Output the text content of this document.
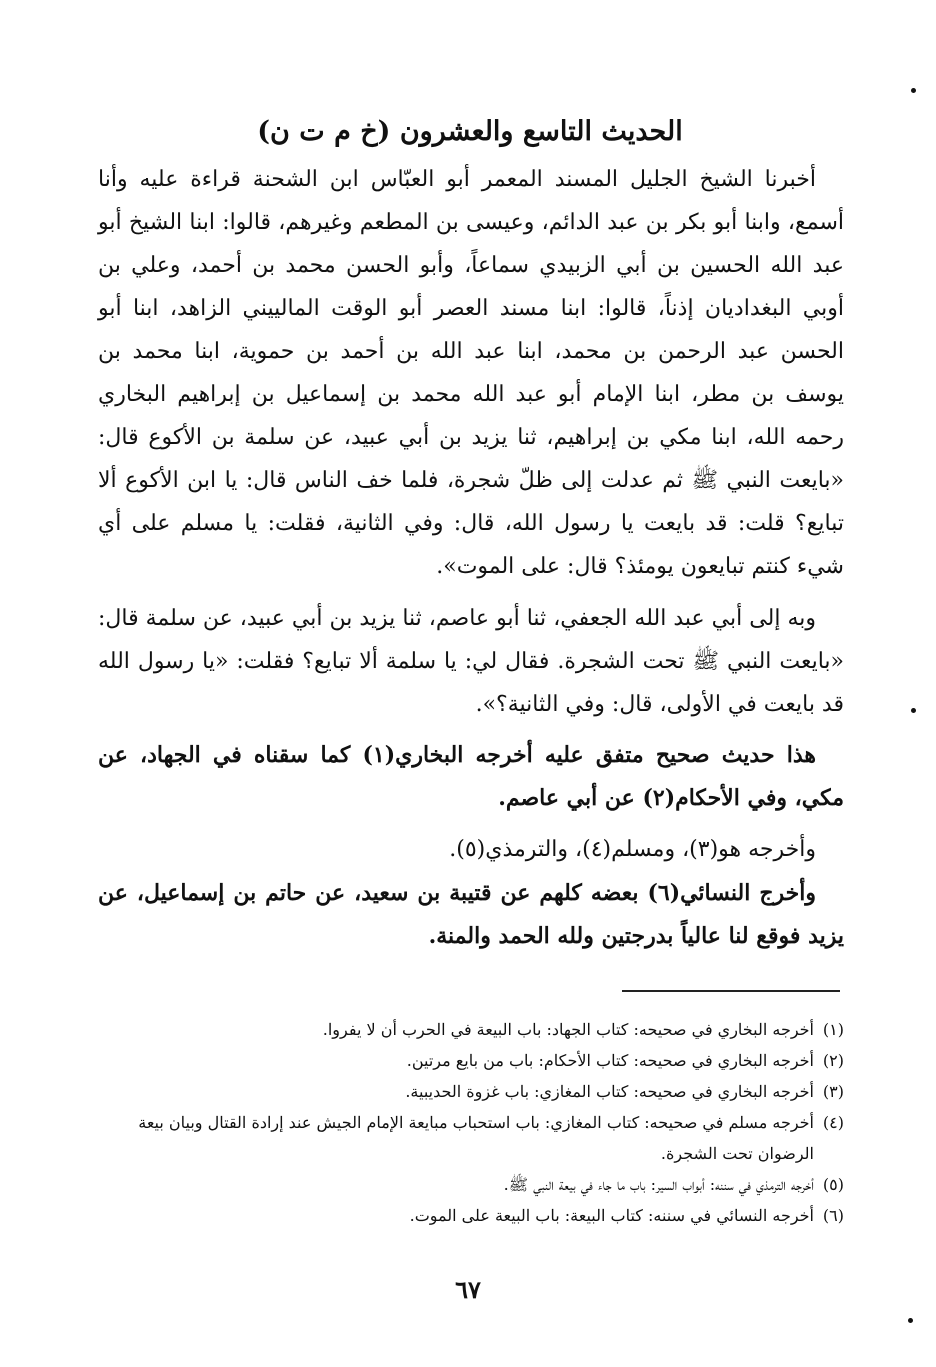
الحديث التاسع والعشرون (خ م ت ن)
أخبرنا الشيخ الجليل المسند المعمر أبو العبّاس ابن الشحنة قراءة عليه وأنا أسمع، وابنا أبو بكر بن عبد الدائم، وعيسى بن المطعم وغيرهم، قالوا: ابنا الشيخ أبو عبد الله الحسين بن أبي الزبيدي سماعاً، وأبو الحسن محمد بن أحمد، وعلي بن أوبي البغداديان إذناً، قالوا: ابنا مسند العصر أبو الوقت المالييني الزاهد، ابنا أبو الحسن عبد الرحمن بن محمد، ابنا عبد الله بن أحمد بن حموية، ابنا محمد بن يوسف بن مطر، ابنا الإمام أبو عبد الله محمد بن إسماعيل بن إبراهيم البخاري رحمه الله، ابنا مكي بن إبراهيم، ثنا يزيد بن أبي عبيد، عن سلمة بن الأكوع قال: «بايعت النبي ﷺ ثم عدلت إلى ظلّ شجرة، فلما خف الناس قال: يا ابن الأكوع ألا تبايع؟ قلت: قد بايعت يا رسول الله، قال: وفي الثانية، فقلت: يا مسلم على أي شيء كنتم تبايعون يومئذ؟ قال: على الموت».
وبه إلى أبي عبد الله الجعفي، ثنا أبو عاصم، ثنا يزيد بن أبي عبيد، عن سلمة قال: «بايعت النبي ﷺ تحت الشجرة. فقال لي: يا سلمة ألا تبايع؟ فقلت: «يا رسول الله قد بايعت في الأولى، قال: وفي الثانية؟».
هذا حديث صحيح متفق عليه أخرجه البخاري(١) كما سقناه في الجهاد، عن مكي، وفي الأحكام(٢) عن أبي عاصم.
وأخرجه هو(٣)، ومسلم(٤)، والترمذي(٥).
وأخرج النسائي(٦) بعضه كلهم عن قتيبة بن سعيد، عن حاتم بن إسماعيل، عن يزيد فوقع لنا عالياً بدرجتين ولله الحمد والمنة.
(١)
أخرجه البخاري في صحيحه: كتاب الجهاد: باب البيعة في الحرب أن لا يفروا.
(٢)
أخرجه البخاري في صحيحه: كتاب الأحكام: باب من بايع مرتين.
(٣)
أخرجه البخاري في صحيحه: كتاب المغازي: باب غزوة الحديبية.
(٤)
أخرجه مسلم في صحيحه: كتاب المغازي: باب استحباب مبايعة الإمام الجيش عند إرادة القتال وبيان بيعة الرضوان تحت الشجرة.
(٥)
أخرجه الترمذي في سننه: أبواب السير: باب ما جاء في بيعة النبي ﷺ.
(٦)
أخرجه النسائي في سننه: كتاب البيعة: باب البيعة على الموت.
٦٧
